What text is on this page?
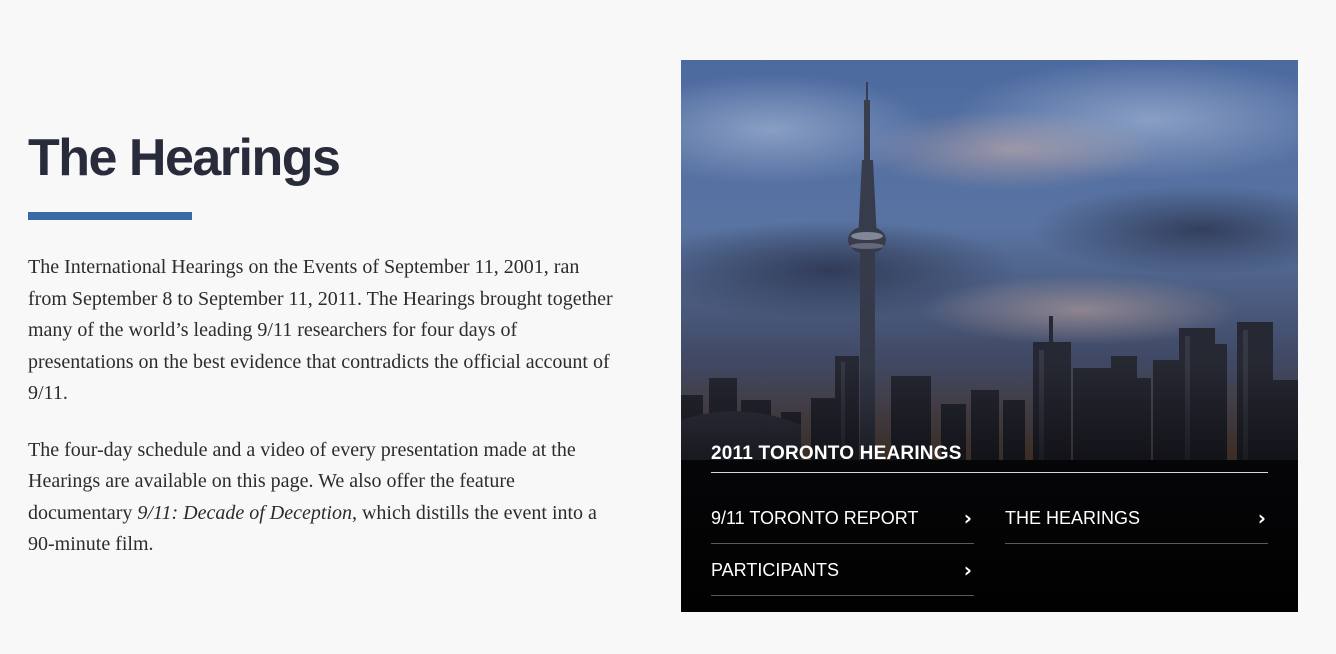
The Hearings

The International Hearings on the Events of September 11, 2001, ran from September 8 to September 11, 2011. The Hearings brought together many of the world’s leading 9/11 researchers for four days of presentations on the best evidence that contradicts the official account of 9/11.

The four-day schedule and a video of every presentation made at the Hearings are available on this page. We also offer the feature documentary 9/11: Decade of Deception, which distills the event into a 90-minute film.

2011 TORONTO HEARINGS
9/11 TORONTO REPORT › THE HEARINGS	›
PARTICIPANTS	›
